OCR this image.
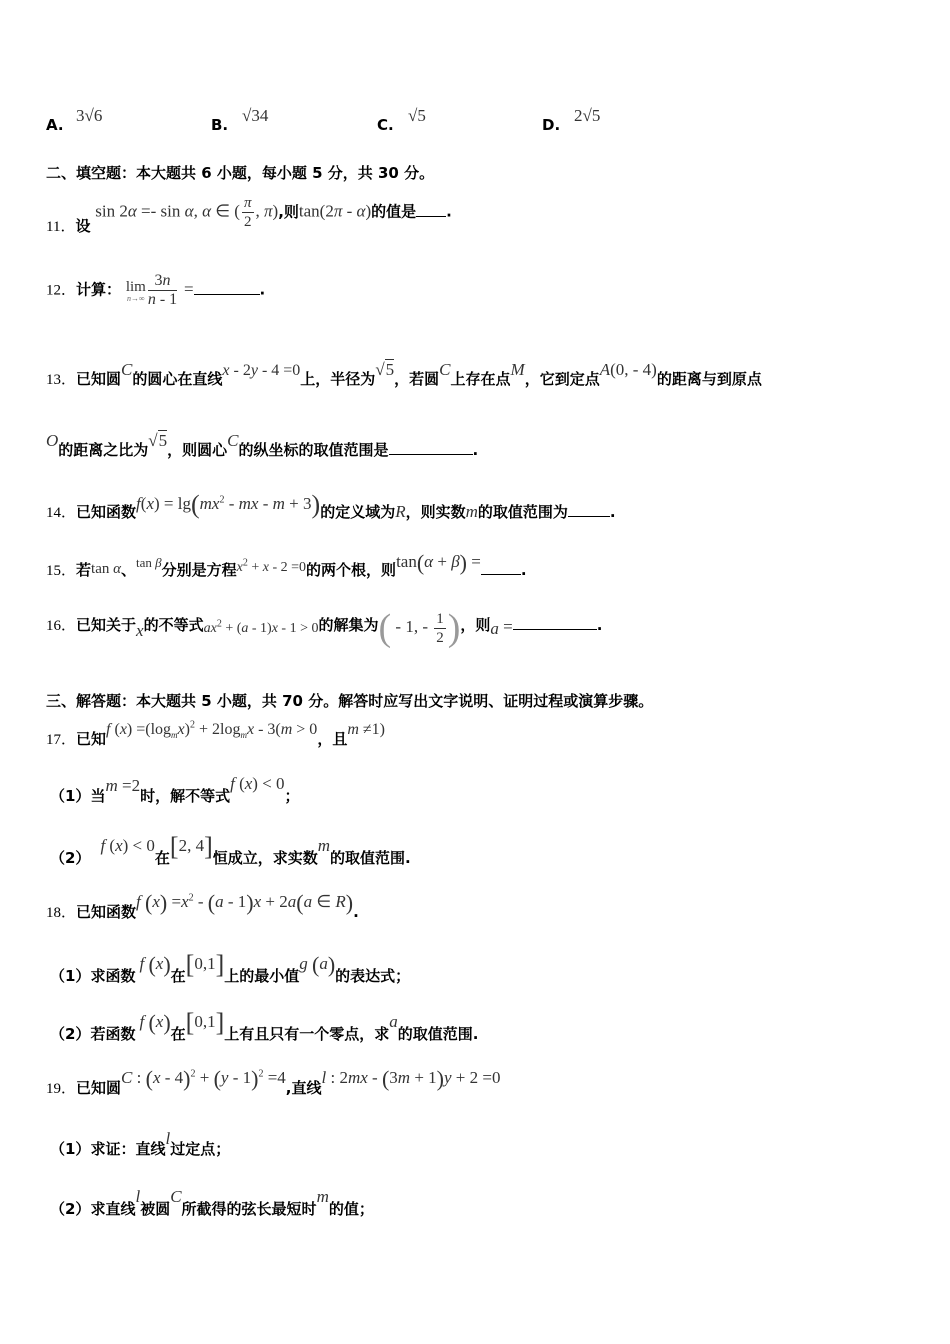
A. 3√6	B. √34	C. √5	D. 2√5
二、填空题：本大题共 6 小题，每小题 5 分，共 30 分。
11．设 sin 2α =- sin α, α ∈ ( $\frac{\pi}{2}$ , π),则tan(2π - α)的值是 .
12．计算： lim
$n\to\infty \frac{3n}{n - 1}$ =	.
13．已知圆C的圆心在直线x - 2y - 4 =0上，半径为√5，若圆C上存在点M，它到定点A(0, - 4)的距离与到原点
O的距离之比为√5，则圆心C的纵坐标的取值范围是	.
14．已知函数$f(x) = \lg(mx^2$ - mx - m + 3)的定义域为R，则实数m的取值范围为	.
15．若tan α、tan β分别是方程$x^2 + x - 2 =0$的两个根，则tan(α + β) =	.
16．已知关于x的不等式$ax^2 + (a - 1)x - 1 > 0$的解集为( - 1, - $\frac{1}{2}$ )，则a =	.
三、解答题：本大题共 5 小题，共 70 分。解答时应写出文字说明、证明过程或演算步骤。
17．已知f $(x) =(\log_mx)^2 + 2\log_mx - 3(m > 0$，且m ≠1)
（1）当m =2时，解不等式f (x) < 0；
（2）f (x) < 0在[2, 4]恒成立，求实数m的取值范围.
18．已知函数f $(x) =x^2 - (a - 1)x + 2a(a$ ∈ R).
（1）求函数f (x)在[0,1]上的最小值g (a)的表达式；
（2）若函数f (x)在[0,1]上有且只有一个零点，求a的取值范围.
19．已知圆C : (x - 4)$^2$ + (y - 1)$^2$ =4,直线l : 2mx - (3m + 1)y + 2 =0
（1）求证：直线l过定点；
（2）求直线l被圆C所截得的弦长最短时m的值；
